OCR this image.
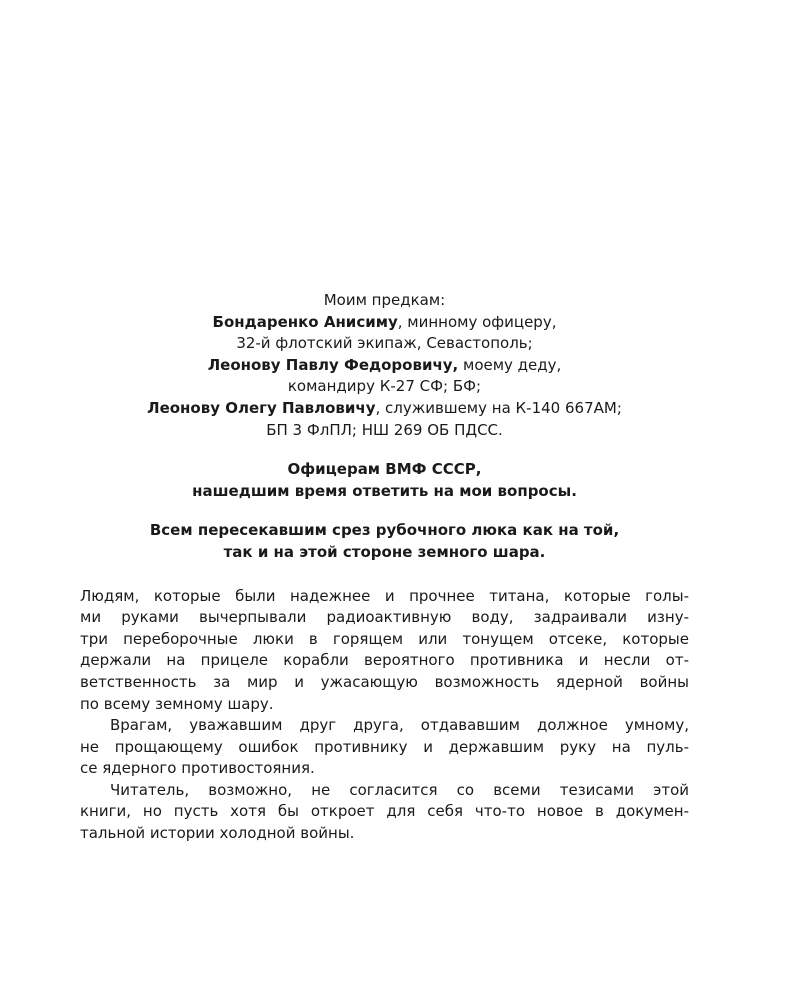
Моим предкам:
Бондаренко Анисиму, минному офицеру,
32-й флотский экипаж, Севастополь;
Леонову Павлу Федоровичу, моему деду,
командиру К-27 СФ; БФ;
Леонову Олегу Павловичу, служившему на К-140 667АМ;
БП 3 ФлПЛ; НШ 269 ОБ ПДСС.
Офицерам ВМФ СССР,
нашедшим время ответить на мои вопросы.
Всем пересекавшим срез рубочного люка как на той,
так и на этой стороне земного шара.
Людям, которые были надежнее и прочнее титана, которые голы-
ми руками вычерпывали радиоактивную воду, задраивали изну-
три переборочные люки в горящем или тонущем отсеке, которые
держали на прицеле корабли вероятного противника и несли от-
ветственность за мир и ужасающую возможность ядерной войны
по всему земному шару.
Врагам, уважавшим друг друга, отдававшим должное умному,
не прощающему ошибок противнику и державшим руку на пуль-
се ядерного противостояния.
Читатель, возможно, не согласится со всеми тезисами этой
книги, но пусть хотя бы откроет для себя что-то новое в докумен-
тальной истории холодной войны.
